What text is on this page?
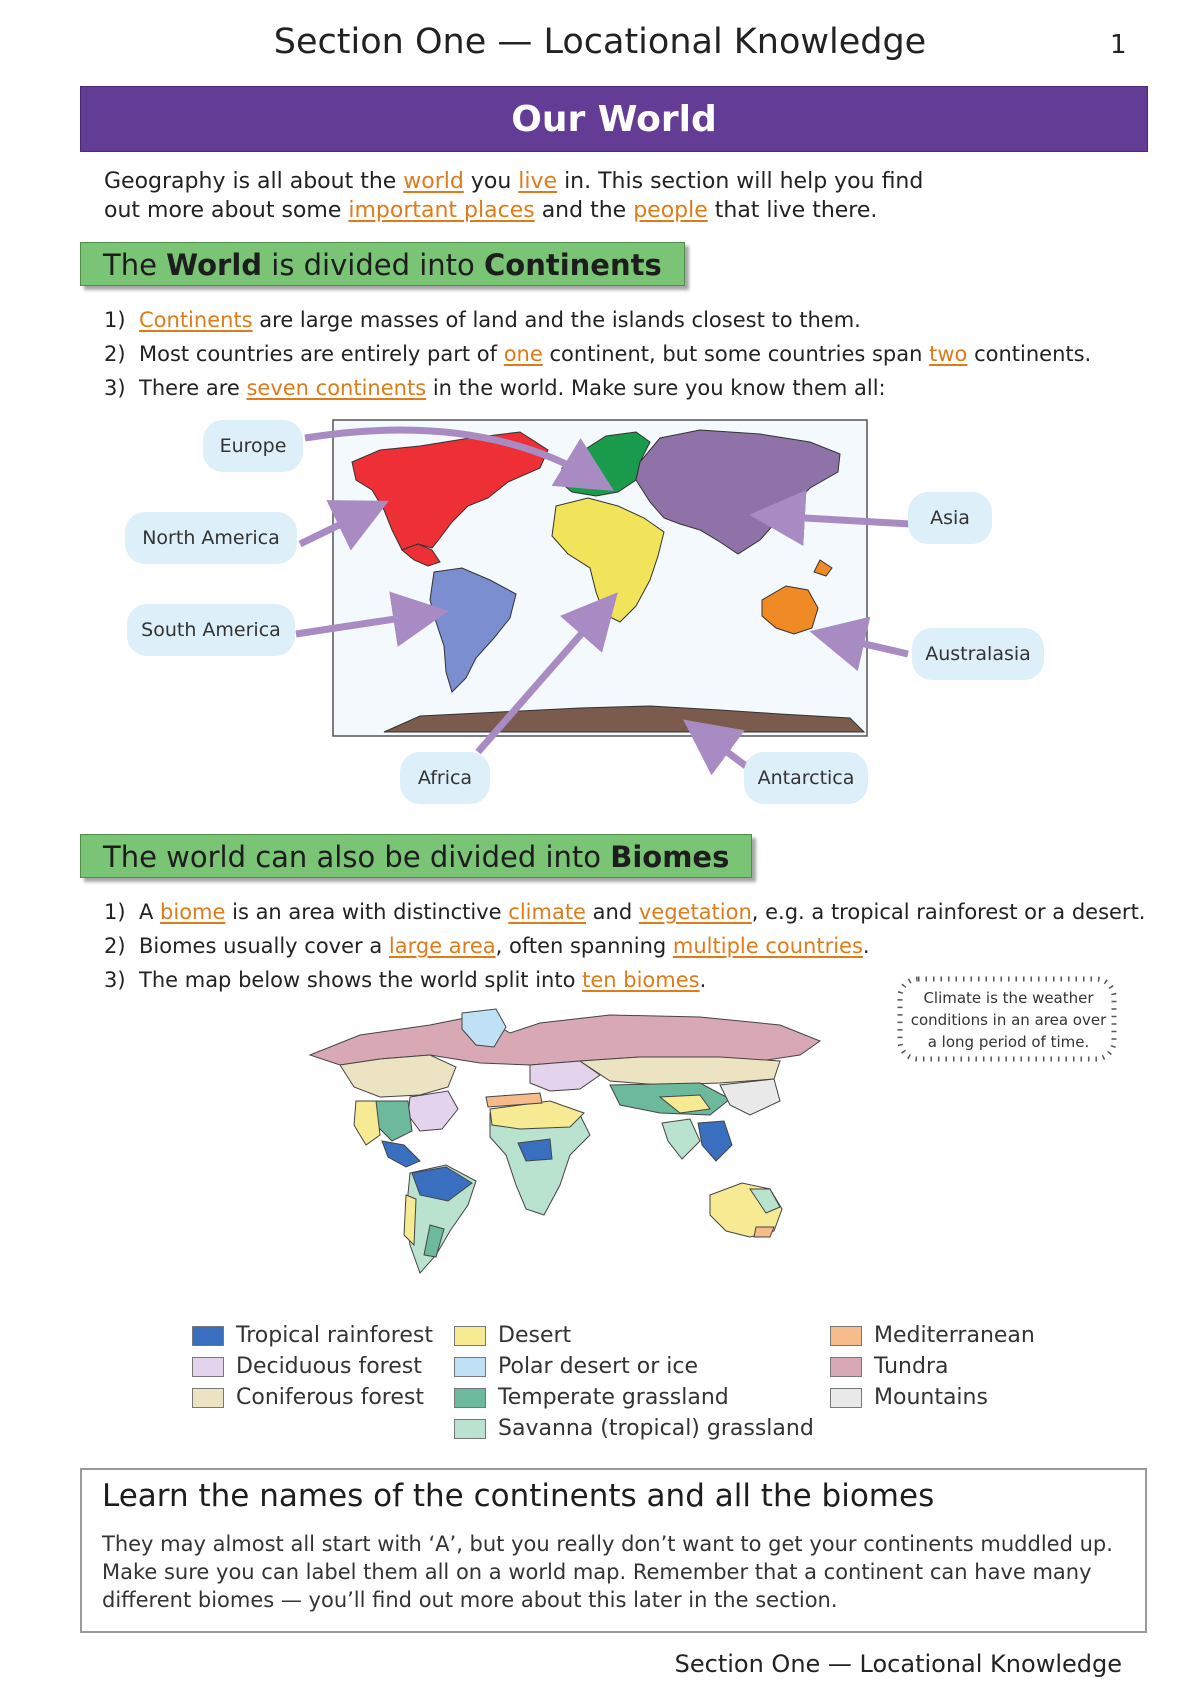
Section One — Locational Knowledge	1
Our World
Geography is all about the world you live in. This section will help you find
out more about some important places and the people that live there.
The World is divided into Continents
1) Continents are large masses of land and the islands closest to them.
2) Most countries are entirely part of one continent, but some countries span two continents.
3) There are seven continents in the world. Make sure you know them all:
Europe
North America
South America
Asia
Australasia
Africa	Antarctica
The world can also be divided into Biomes
1) A biome is an area with distinctive climate and vegetation, e.g. a tropical rainforest or a desert.
2) Biomes usually cover a large area, often spanning multiple countries.
3) The map below shows the world split into ten biomes.
Climate is the weather
conditions in an area over
a long period of time.
Tropical rainforest
Deciduous forest
Coniferous forest
Desert
Polar desert or ice
Temperate grassland
Savanna (tropical) grassland
Mediterranean
Tundra
Mountains
Learn the names of the continents and all the biomes
They may almost all start with ‘A’, but you really don’t want to get your continents muddled up.
Make sure you can label them all on a world map. Remember that a continent can have many
different biomes — you’ll find out more about this later in the section.
Section One — Locational Knowledge
